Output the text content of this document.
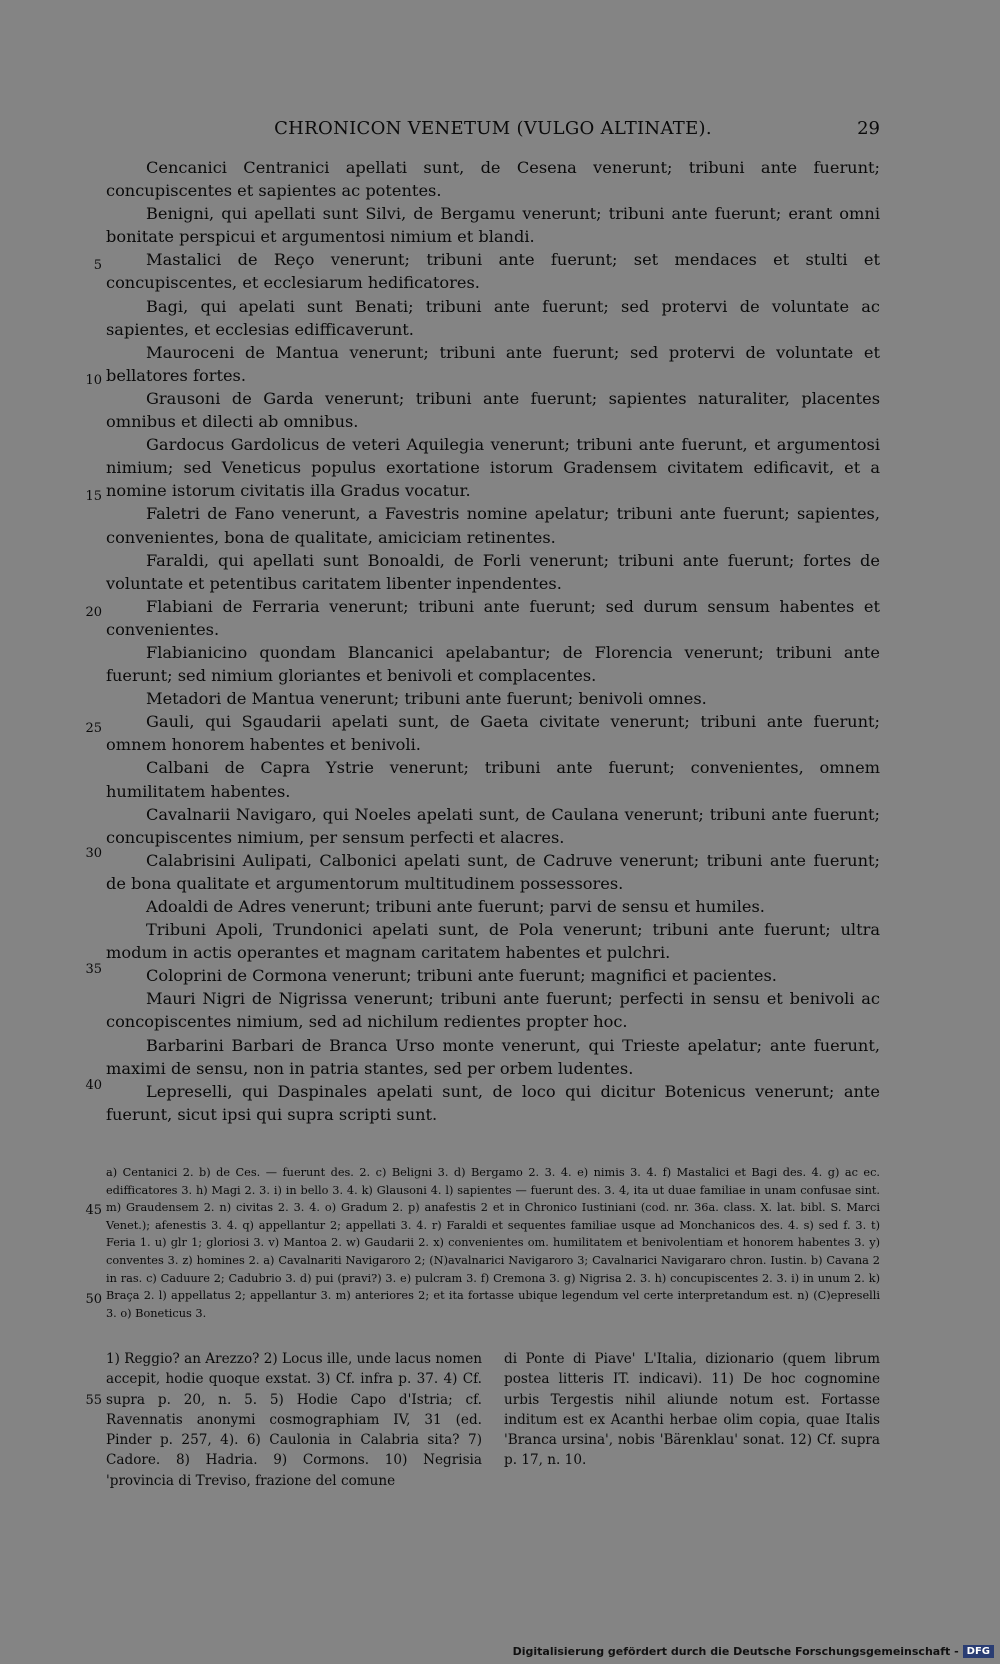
CHRONICON VENETUM (VULGO ALTINATE).	29

Cencanici Centranici apellati sunt, de Cesena venerunt; tribuni ante fuerunt; concupiscentes et sapientes ac potentes.

Benigni, qui apellati sunt Silvi, de Bergamu venerunt; tribuni ante fuerunt; erant omni bonitate perspicui et argumentosi nimium et blandi.

Mastalici de Reço venerunt; tribuni ante fuerunt; set mendaces et stulti et concupiscentes, et ecclesiarum hedificatores.

Bagi, qui apelati sunt Benati; tribuni ante fuerunt; sed protervi de voluntate ac sapientes, et ecclesias edifficaverunt.

Mauroceni de Mantua venerunt; tribuni ante fuerunt; sed protervi de voluntate et bellatores fortes.

Grausoni de Garda venerunt; tribuni ante fuerunt; sapientes naturaliter, placentes omnibus et dilecti ab omnibus.

Gardocus Gardolicus de veteri Aquilegia venerunt; tribuni ante fuerunt, et argumentosi nimium; sed Veneticus populus exortatione istorum Gradensem civitatem edificavit, et a nomine istorum civitatis illa Gradus vocatur.

Faletri de Fano venerunt, a Favestris nomine apelatur; tribuni ante fuerunt; sapientes, convenientes, bona de qualitate, amiciciam retinentes.

Faraldi, qui apellati sunt Bonoaldi, de Forli venerunt; tribuni ante fuerunt; fortes de voluntate et petentibus caritatem libenter inpendentes.

Flabiani de Ferraria venerunt; tribuni ante fuerunt; sed durum sensum habentes et convenientes.

Flabianicino quondam Blancanici apelabantur; de Florencia venerunt; tribuni ante fuerunt; sed nimium gloriantes et benivoli et complacentes.

Metadori de Mantua venerunt; tribuni ante fuerunt; benivoli omnes.

Gauli, qui Sgaudarii apelati sunt, de Gaeta civitate venerunt; tribuni ante fuerunt; omnem honorem habentes et benivoli.

Calbani de Capra Ystrie venerunt; tribuni ante fuerunt; convenientes, omnem humilitatem habentes.

Cavalnarii Navigaro, qui Noeles apelati sunt, de Caulana venerunt; tribuni ante fuerunt; concupiscentes nimium, per sensum perfecti et alacres.

Calabrisini Aulipati, Calbonici apelati sunt, de Cadruve venerunt; tribuni ante fuerunt; de bona qualitate et argumentorum multitudinem possessores.

Adoaldi de Adres venerunt; tribuni ante fuerunt; parvi de sensu et humiles.

Tribuni Apoli, Trundonici apelati sunt, de Pola venerunt; tribuni ante fuerunt; ultra modum in actis operantes et magnam caritatem habentes et pulchri.

Coloprini de Cormona venerunt; tribuni ante fuerunt; magnifici et pacientes.

Mauri Nigri de Nigrissa venerunt; tribuni ante fuerunt; perfecti in sensu et benivoli ac concopiscentes nimium, sed ad nichilum redientes propter hoc.

Barbarini Barbari de Branca Urso monte venerunt, qui Trieste apelatur; ante fuerunt, maximi de sensu, non in patria stantes, sed per orbem ludentes.

Lepreselli, qui Daspinales apelati sunt, de loco qui dicitur Botenicus venerunt; ante fuerunt, sicut ipsi qui supra scripti sunt.

5
10
15
20
25
30
35
40
45
50
55

a) Centanici 2. b) de Ces. — fuerunt des. 2. c) Beligni 3. d) Bergamo 2. 3. 4. e) nimis 3. 4. f) Mastalici et Bagi des. 4. g) ac ec. edifficatores 3. h) Magi 2. 3. i) in bello 3. 4. k) Glausoni 4. l) sapientes — fuerunt des. 3. 4, ita ut duae familiae in unam confusae sint. m) Graudensem 2. n) civitas 2. 3. 4. o) Gradum 2. p) anafestis 2 et in Chronico Iustiniani (cod. nr. 36a. class. X. lat. bibl. S. Marci Venet.); afenestis 3. 4. q) appellantur 2; appellati 3. 4. r) Faraldi et sequentes familiae usque ad Monchanicos des. 4. s) sed f. 3. t) Feria 1. u) glr 1; gloriosi 3. v) Mantoa 2. w) Gaudarii 2. x) convenientes om. humilitatem et benivolentiam et honorem habentes 3. y) conventes 3. z) homines 2. a) Cavalnariti Navigaroro 2; (N)avalnarici Navigaroro 3; Cavalnarici Navigararo chron. Iustin. b) Cavana 2 in ras. c) Caduure 2; Cadubrio 3. d) pui (pravi?) 3. e) pulcram 3. f) Cremona 3. g) Nigrisa 2. 3. h) concupiscentes 2. 3. i) in unum 2. k) Braça 2. l) appellatus 2; appellantur 3. m) anteriores 2; et ita fortasse ubique legendum vel certe interpretandum est. n) (C)epreselli 3. o) Boneticus 3.

1) Reggio? an Arezzo? 2) Locus ille, unde lacus nomen accepit, hodie quoque exstat. 3) Cf. infra p. 37. 4) Cf. supra p. 20, n. 5. 5) Hodie Capo d'Istria; cf. Ravennatis anonymi cosmographiam IV, 31 (ed. Pinder p. 257, 4). 6) Caulonia in Calabria sita? 7) Cadore. 8) Hadria. 9) Cormons. 10) Negrisia 'provincia di Treviso, frazione del comune

di Ponte di Piave' L'Italia, dizionario (quem librum postea litteris IT. indicavi). 11) De hoc cognomine urbis Tergestis nihil aliunde notum est. Fortasse inditum est ex Acanthi herbae olim copia, quae Italis 'Branca ursina', nobis 'Bärenklau' sonat. 12) Cf. supra p. 17, n. 10.

Digitalisierung gefördert durch die Deutsche Forschungsgemeinschaft - DFG
